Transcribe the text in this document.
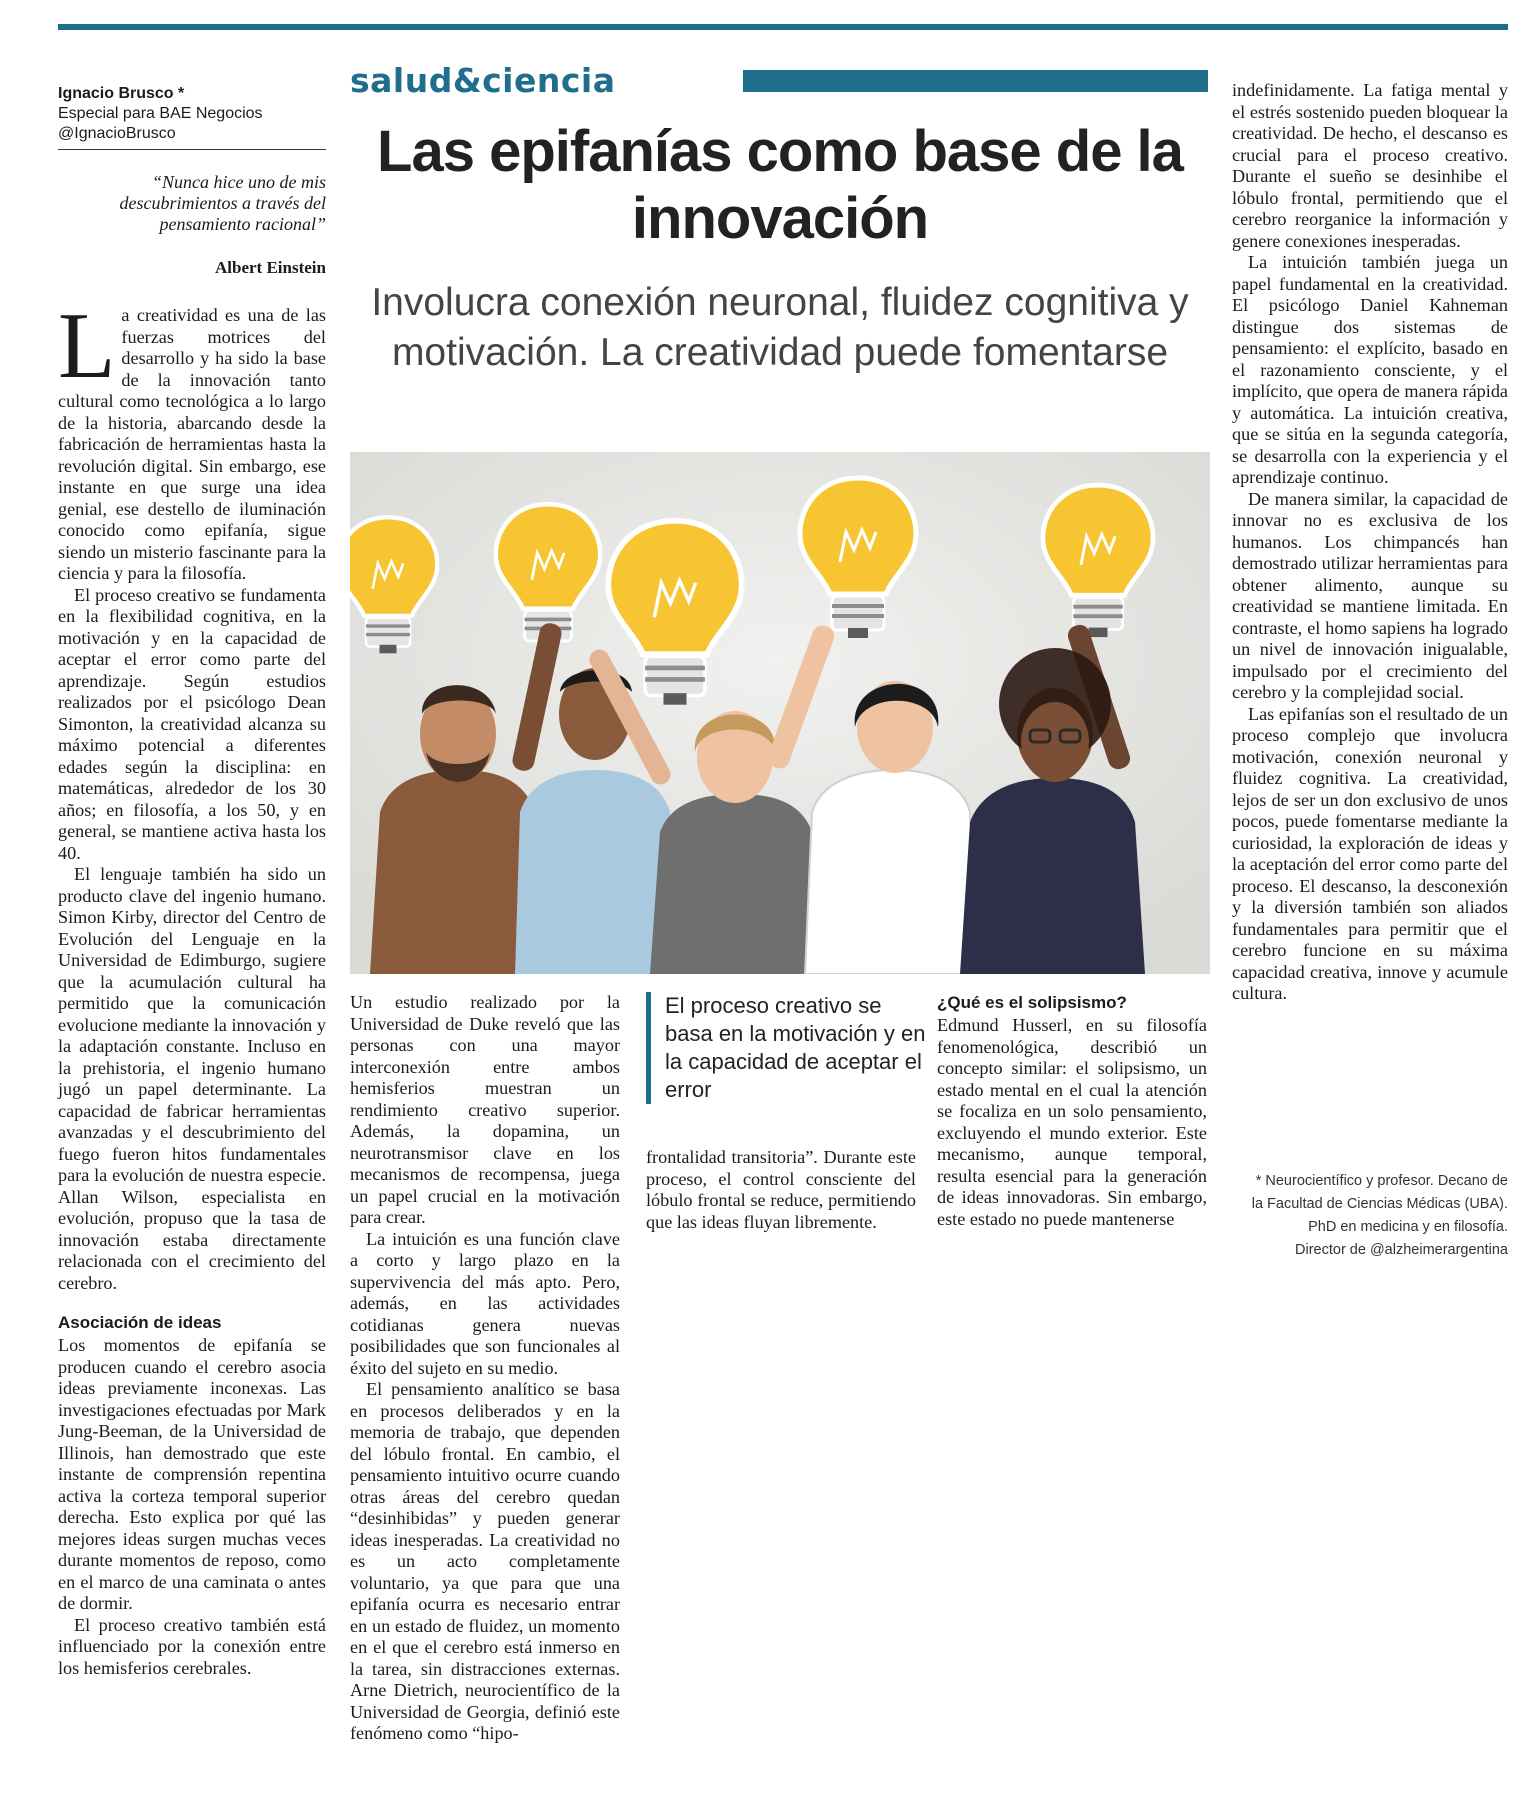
salud&ciencia
Ignacio Brusco *
Especial para BAE Negocios
@IgnacioBrusco
“Nunca hice uno de mis descubrimientos a través del pensamiento racional”
Albert Einstein
Las epifanías como base de la innovación
Involucra conexión neuronal, fluidez cognitiva y motivación. La creatividad puede fomentarse

La creatividad es una de las fuerzas motrices del desarrollo y ha sido la base de la innovación tanto cultural como tecnológica a lo largo de la historia, abarcando desde la fabricación de herramientas hasta la revolución digital. Sin embargo, ese instante en que surge una idea genial, ese destello de iluminación conocido como epifanía, sigue siendo un misterio fascinante para la ciencia y para la filosofía.

El proceso creativo se fundamenta en la flexibilidad cognitiva, en la motivación y en la capacidad de aceptar el error como parte del aprendizaje. Según estudios realizados por el psicólogo Dean Simonton, la creatividad alcanza su máximo potencial a diferentes edades según la disciplina: en matemáticas, alrededor de los 30 años; en filosofía, a los 50, y en general, se mantiene activa hasta los 40.

El lenguaje también ha sido un producto clave del ingenio humano. Simon Kirby, director del Centro de Evolución del Lenguaje en la Universidad de Edimburgo, sugiere que la acumulación cultural ha permitido que la comunicación evolucione mediante la innovación y la adaptación constante. Incluso en la prehistoria, el ingenio humano jugó un papel determinante. La capacidad de fabricar herramientas avanzadas y el descubrimiento del fuego fueron hitos fundamentales para la evolución de nuestra especie. Allan Wilson, especialista en evolución, propuso que la tasa de innovación estaba directamente relacionada con el crecimiento del cerebro.

Asociación de ideas

Los momentos de epifanía se producen cuando el cerebro asocia ideas previamente inconexas. Las investigaciones efectuadas por Mark Jung-Beeman, de la Universidad de Illinois, han demostrado que este instante de comprensión repentina activa la corteza temporal superior derecha. Esto explica por qué las mejores ideas surgen muchas veces durante momentos de reposo, como en el marco de una caminata o antes de dormir.

El proceso creativo también está influenciado por la conexión entre los hemisferios cerebrales.

Un estudio realizado por la Universidad de Duke reveló que las personas con una mayor interconexión entre ambos hemisferios muestran un rendimiento creativo superior. Además, la dopamina, un neurotransmisor clave en los mecanismos de recompensa, juega un papel crucial en la motivación para crear.

La intuición es una función clave a corto y largo plazo en la supervivencia del más apto. Pero, además, en las actividades cotidianas genera nuevas posibilidades que son funcionales al éxito del sujeto en su medio.

El pensamiento analítico se basa en procesos deliberados y en la memoria de trabajo, que dependen del lóbulo frontal. En cambio, el pensamiento intuitivo ocurre cuando otras áreas del cerebro quedan “desinhibidas” y pueden generar ideas inesperadas. La creatividad no es un acto completamente voluntario, ya que para que una epifanía ocurra es necesario entrar en un estado de fluidez, un momento en el que el cerebro está inmerso en la tarea, sin distracciones externas. Arne Dietrich, neurocientífico de la Universidad de Georgia, definió este fenómeno como “hipo-

El proceso creativo se basa en la motivación y en la capacidad de aceptar el error

frontalidad transitoria”. Durante este proceso, el control consciente del lóbulo frontal se reduce, permitiendo que las ideas fluyan libremente.

¿Qué es el solipsismo?

Edmund Husserl, en su filosofía fenomenológica, describió un concepto similar: el solipsismo, un estado mental en el cual la atención se focaliza en un solo pensamiento, excluyendo el mundo exterior. Este mecanismo, aunque temporal, resulta esencial para la generación de ideas innovadoras. Sin embargo, este estado no puede mantenerse

indefinidamente. La fatiga mental y el estrés sostenido pueden bloquear la creatividad. De hecho, el descanso es crucial para el proceso creativo. Durante el sueño se desinhibe el lóbulo frontal, permitiendo que el cerebro reorganice la información y genere conexiones inesperadas.

La intuición también juega un papel fundamental en la creatividad. El psicólogo Daniel Kahneman distingue dos sistemas de pensamiento: el explícito, basado en el razonamiento consciente, y el implícito, que opera de manera rápida y automática. La intuición creativa, que se sitúa en la segunda categoría, se desarrolla con la experiencia y el aprendizaje continuo.

De manera similar, la capacidad de innovar no es exclusiva de los humanos. Los chimpancés han demostrado utilizar herramientas para obtener alimento, aunque su creatividad se mantiene limitada. En contraste, el homo sapiens ha logrado un nivel de innovación inigualable, impulsado por el crecimiento del cerebro y la complejidad social.

Las epifanías son el resultado de un proceso complejo que involucra motivación, conexión neuronal y fluidez cognitiva. La creatividad, lejos de ser un don exclusivo de unos pocos, puede fomentarse mediante la curiosidad, la exploración de ideas y la aceptación del error como parte del proceso. El descanso, la desconexión y la diversión también son aliados fundamentales para permitir que el cerebro funcione en su máxima capacidad creativa, innove y acumule cultura.

* Neurocientífico y profesor. Decano de
la Facultad de Ciencias Médicas (UBA).
PhD en medicina y en filosofía.
Director de @alzheimerargentina
